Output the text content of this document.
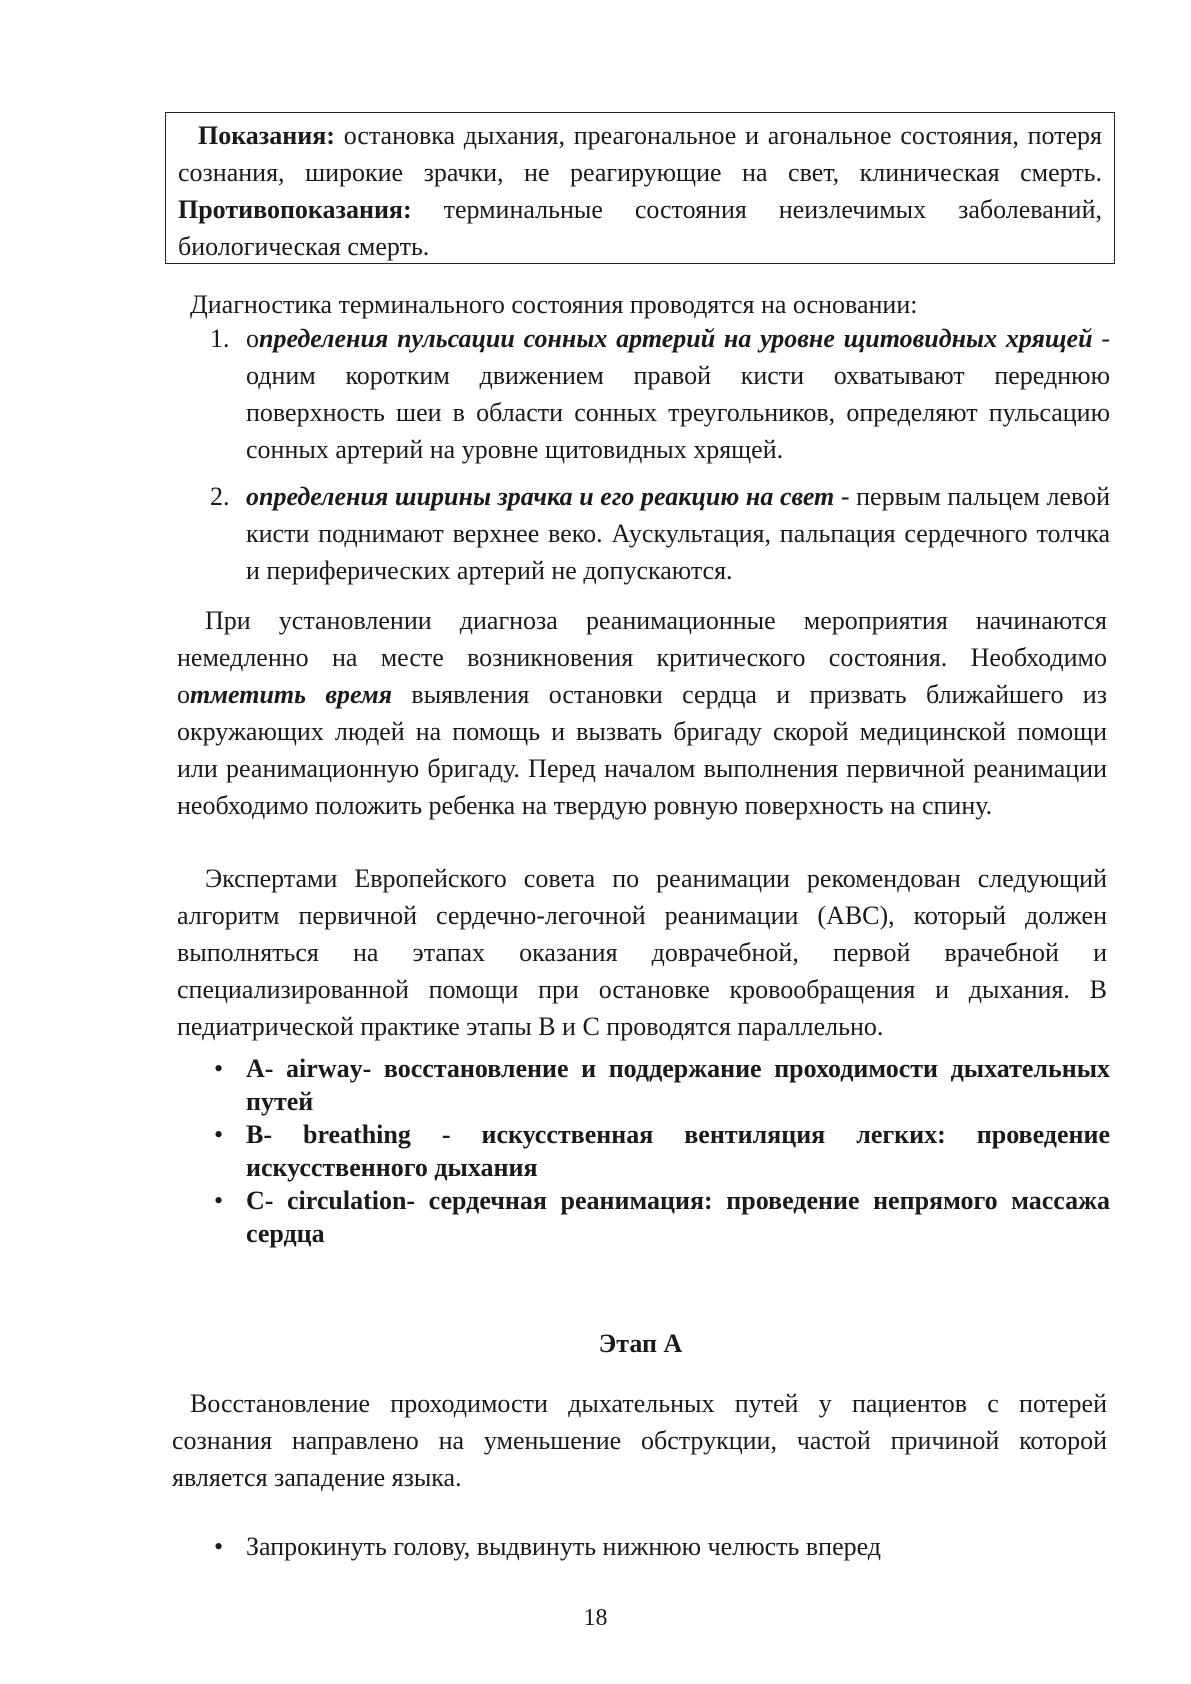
Показания: остановка дыхания, преагональное и агональное состояния, потеря сознания, широкие зрачки, не реагирующие на свет, клиническая смерть. Противопоказания: терминальные состояния неизлечимых заболеваний, биологическая смерть.

Диагностика терминального состояния проводятся на основании:

1. определения пульсации сонных артерий на уровне щитовидных хрящей - одним коротким движением правой кисти охватывают переднюю поверхность шеи в области сонных треугольников, определяют пульсацию сонных артерий на уровне щитовидных хрящей.

2. определения ширины зрачка и его реакцию на свет - первым пальцем левой кисти поднимают верхнее веко. Аускультация, пальпация сердечного толчка и периферических артерий не допускаются.

При установлении диагноза реанимационные мероприятия начинаются немедленно на месте возникновения критического состояния. Необходимо отметить время выявления остановки сердца и призвать ближайшего из окружающих людей на помощь и вызвать бригаду скорой медицинской помощи или реанимационную бригаду. Перед началом выполнения первичной реанимации необходимо положить ребенка на твердую ровную поверхность на спину.

Экспертами Европейского совета по реанимации рекомендован следующий алгоритм первичной сердечно-легочной реанимации (АВС), который должен выполняться на этапах оказания доврачебной, первой врачебной и специализированной помощи при остановке кровообращения и дыхания. В педиатрической практике этапы В и С проводятся параллельно.

• A- airway- восстановление и поддержание проходимости дыхательных путей
• B- breathing - искусственная вентиляция легких: проведение искусственного дыхания
• C- circulation- сердечная реанимация: проведение непрямого массажа сердца

Этап А

Восстановление проходимости дыхательных путей у пациентов с потерей сознания направлено на уменьшение обструкции, частой причиной которой является западение языка.

• Запрокинуть голову, выдвинуть нижнюю челюсть вперед
18
